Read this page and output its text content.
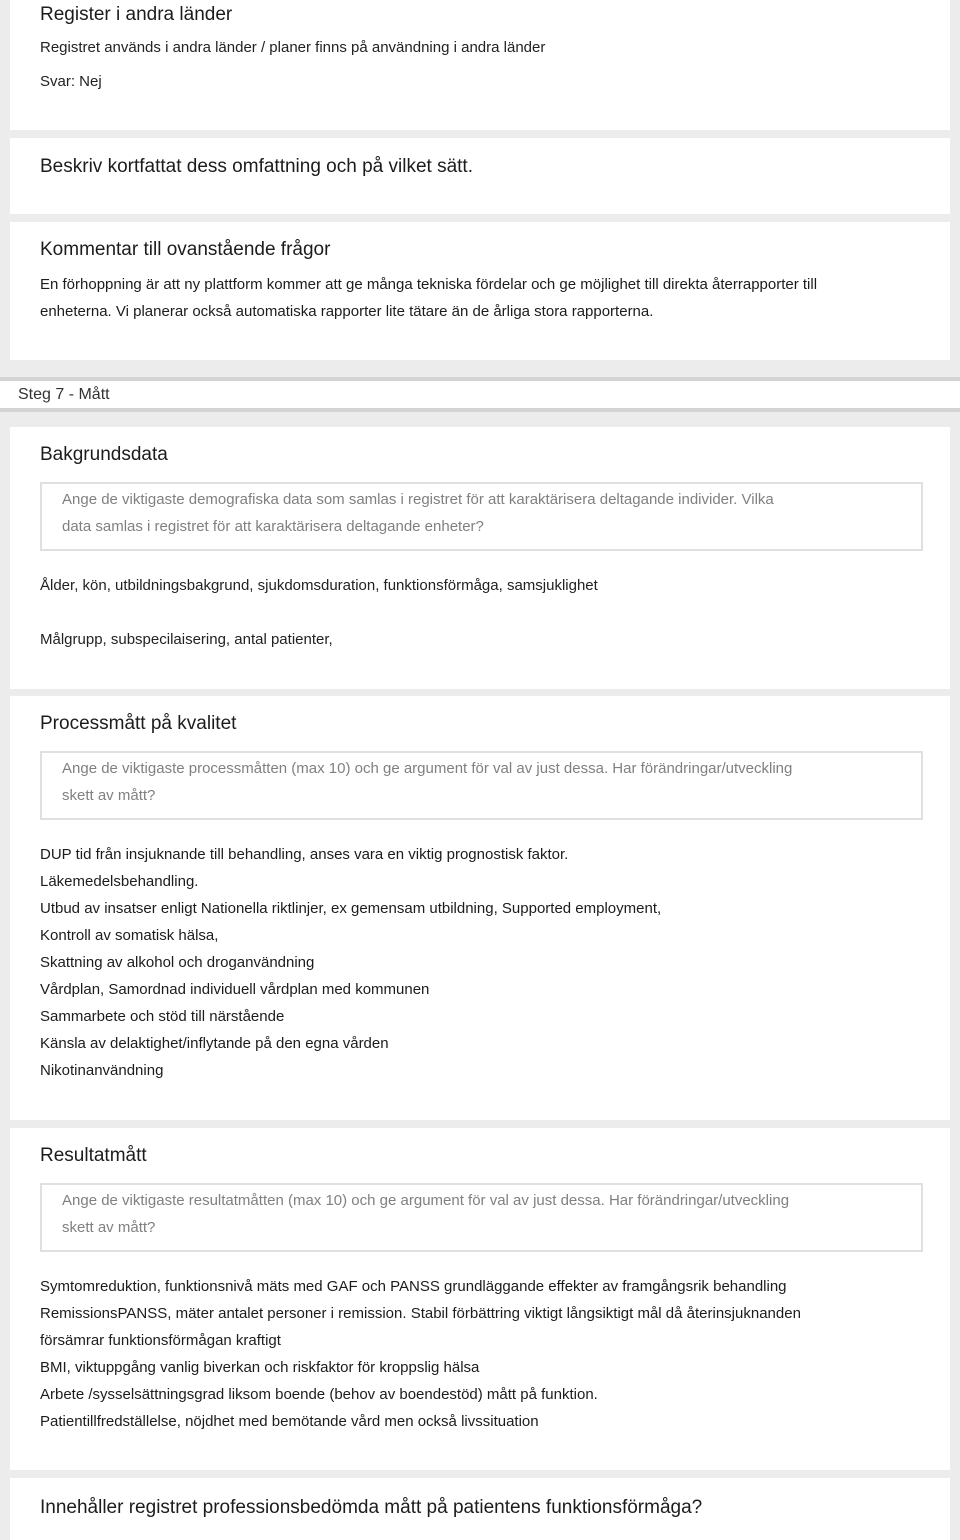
Register i andra länder
Registret används i andra länder / planer finns på användning i andra länder
Svar: Nej
Beskriv kortfattat dess omfattning och på vilket sätt.
Kommentar till ovanstående frågor
En förhoppning är att ny plattform kommer att ge många tekniska fördelar och ge möjlighet till direkta återrapporter till
enheterna. Vi planerar också automatiska rapporter lite tätare än de årliga stora rapporterna.
Steg 7 - Mått
Bakgrundsdata
Ange de viktigaste demografiska data som samlas i registret för att karaktärisera deltagande individer. Vilka
data samlas i registret för att karaktärisera deltagande enheter?
Ålder, kön, utbildningsbakgrund, sjukdomsduration, funktionsförmåga, samsjuklighet
Målgrupp, subspecilaisering, antal patienter,
Processmått på kvalitet
Ange de viktigaste processmåtten (max 10) och ge argument för val av just dessa. Har förändringar/utveckling
skett av mått?
DUP tid från insjuknande till behandling, anses vara en viktig prognostisk faktor.
Läkemedelsbehandling.
Utbud av insatser enligt Nationella riktlinjer, ex gemensam utbildning, Supported employment,
Kontroll av somatisk hälsa,
Skattning av alkohol och droganvändning
Vårdplan, Samordnad individuell vårdplan med kommunen
Sammarbete och stöd till närstående
Känsla av delaktighet/inflytande på den egna vården
Nikotinanvändning
Resultatmått
Ange de viktigaste resultatmåtten (max 10) och ge argument för val av just dessa. Har förändringar/utveckling
skett av mått?
Symtomreduktion, funktionsnivå mäts med GAF och PANSS grundläggande effekter av framgångsrik behandling
RemissionsPANSS, mäter antalet personer i remission. Stabil förbättring viktigt långsiktigt mål då återinsjuknanden
försämrar funktionsförmågan kraftigt
BMI, viktuppgång vanlig biverkan och riskfaktor för kroppslig hälsa
Arbete /sysselsättningsgrad liksom boende (behov av boendestöd) mått på funktion.
Patientillfredställelse, nöjdhet med bemötande vård men också livssituation
Innehåller registret professionsbedömda mått på patientens funktionsförmåga?
